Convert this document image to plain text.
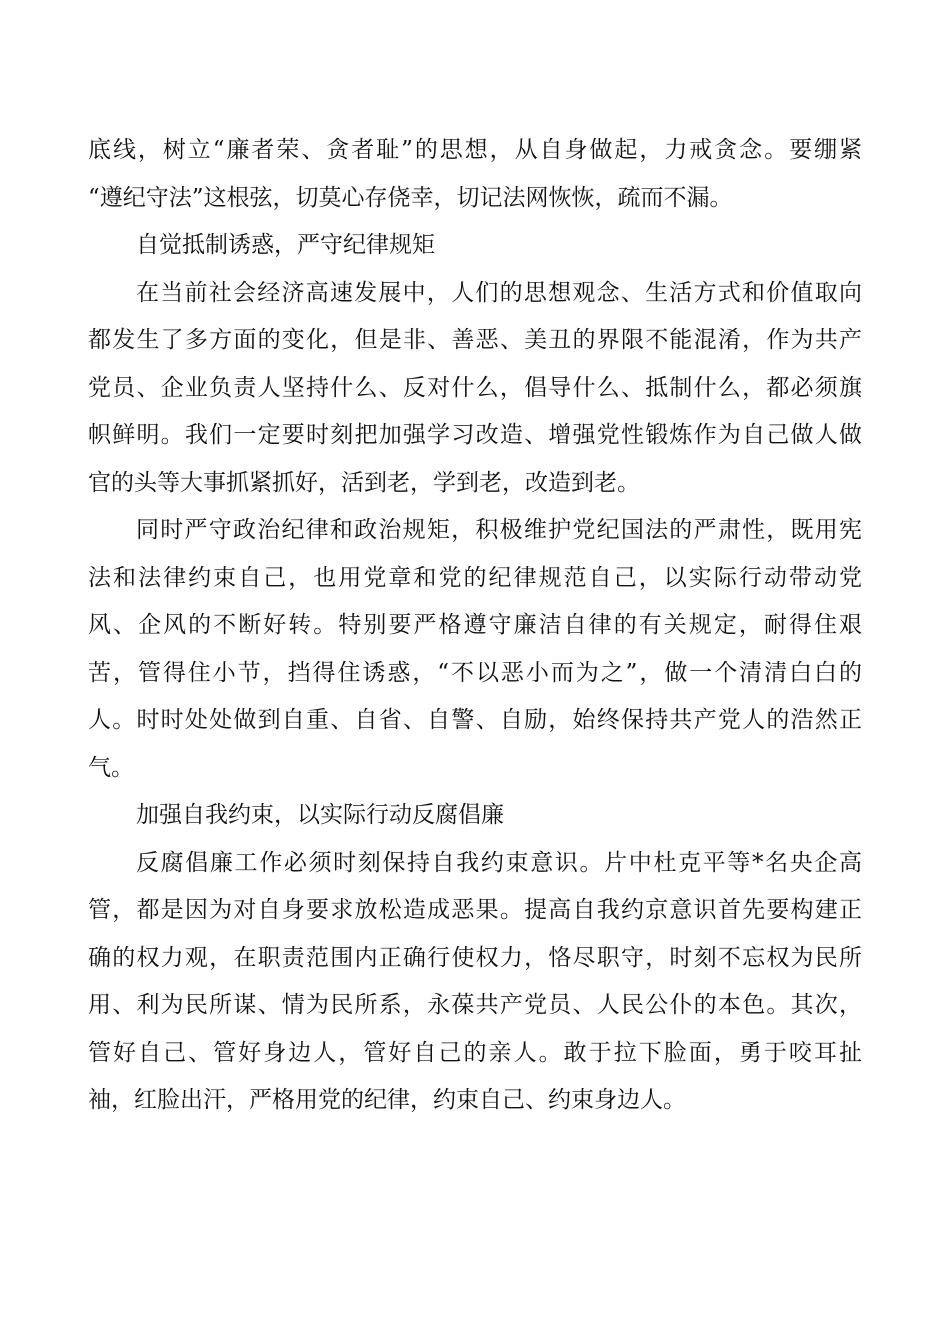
底线，树立“廉者荣、贪者耻”的思想，从自身做起，力戒贪念。要绷紧
“遵纪守法”这根弦，切莫心存侥幸，切记法网恢恢，疏而不漏。
自觉抵制诱惑，严守纪律规矩
在当前社会经济高速发展中，人们的思想观念、生活方式和价值取向
都发生了多方面的变化，但是非、善恶、美丑的界限不能混淆，作为共产
党员、企业负责人坚持什么、反对什么，倡导什么、抵制什么，都必须旗
帜鲜明。我们一定要时刻把加强学习改造、增强党性锻炼作为自己做人做
官的头等大事抓紧抓好，活到老，学到老，改造到老。
同时严守政治纪律和政治规矩，积极维护党纪国法的严肃性，既用宪
法和法律约束自己，也用党章和党的纪律规范自己，以实际行动带动党
风、企风的不断好转。特别要严格遵守廉洁自律的有关规定，耐得住艰
苦，管得住小节，挡得住诱惑，“不以恶小而为之”，做一个清清白白的
人。时时处处做到自重、自省、自警、自励，始终保持共产党人的浩然正
气。
加强自我约束，以实际行动反腐倡廉
反腐倡廉工作必须时刻保持自我约束意识。片中杜克平等*名央企高
管，都是因为对自身要求放松造成恶果。提高自我约京意识首先要构建正
确的权力观，在职责范围内正确行使权力，恪尽职守，时刻不忘权为民所
用、利为民所谋、情为民所系，永葆共产党员、人民公仆的本色。其次，
管好自己、管好身边人，管好自己的亲人。敢于拉下脸面，勇于咬耳扯
袖，红脸出汗，严格用党的纪律，约束自己、约束身边人。
